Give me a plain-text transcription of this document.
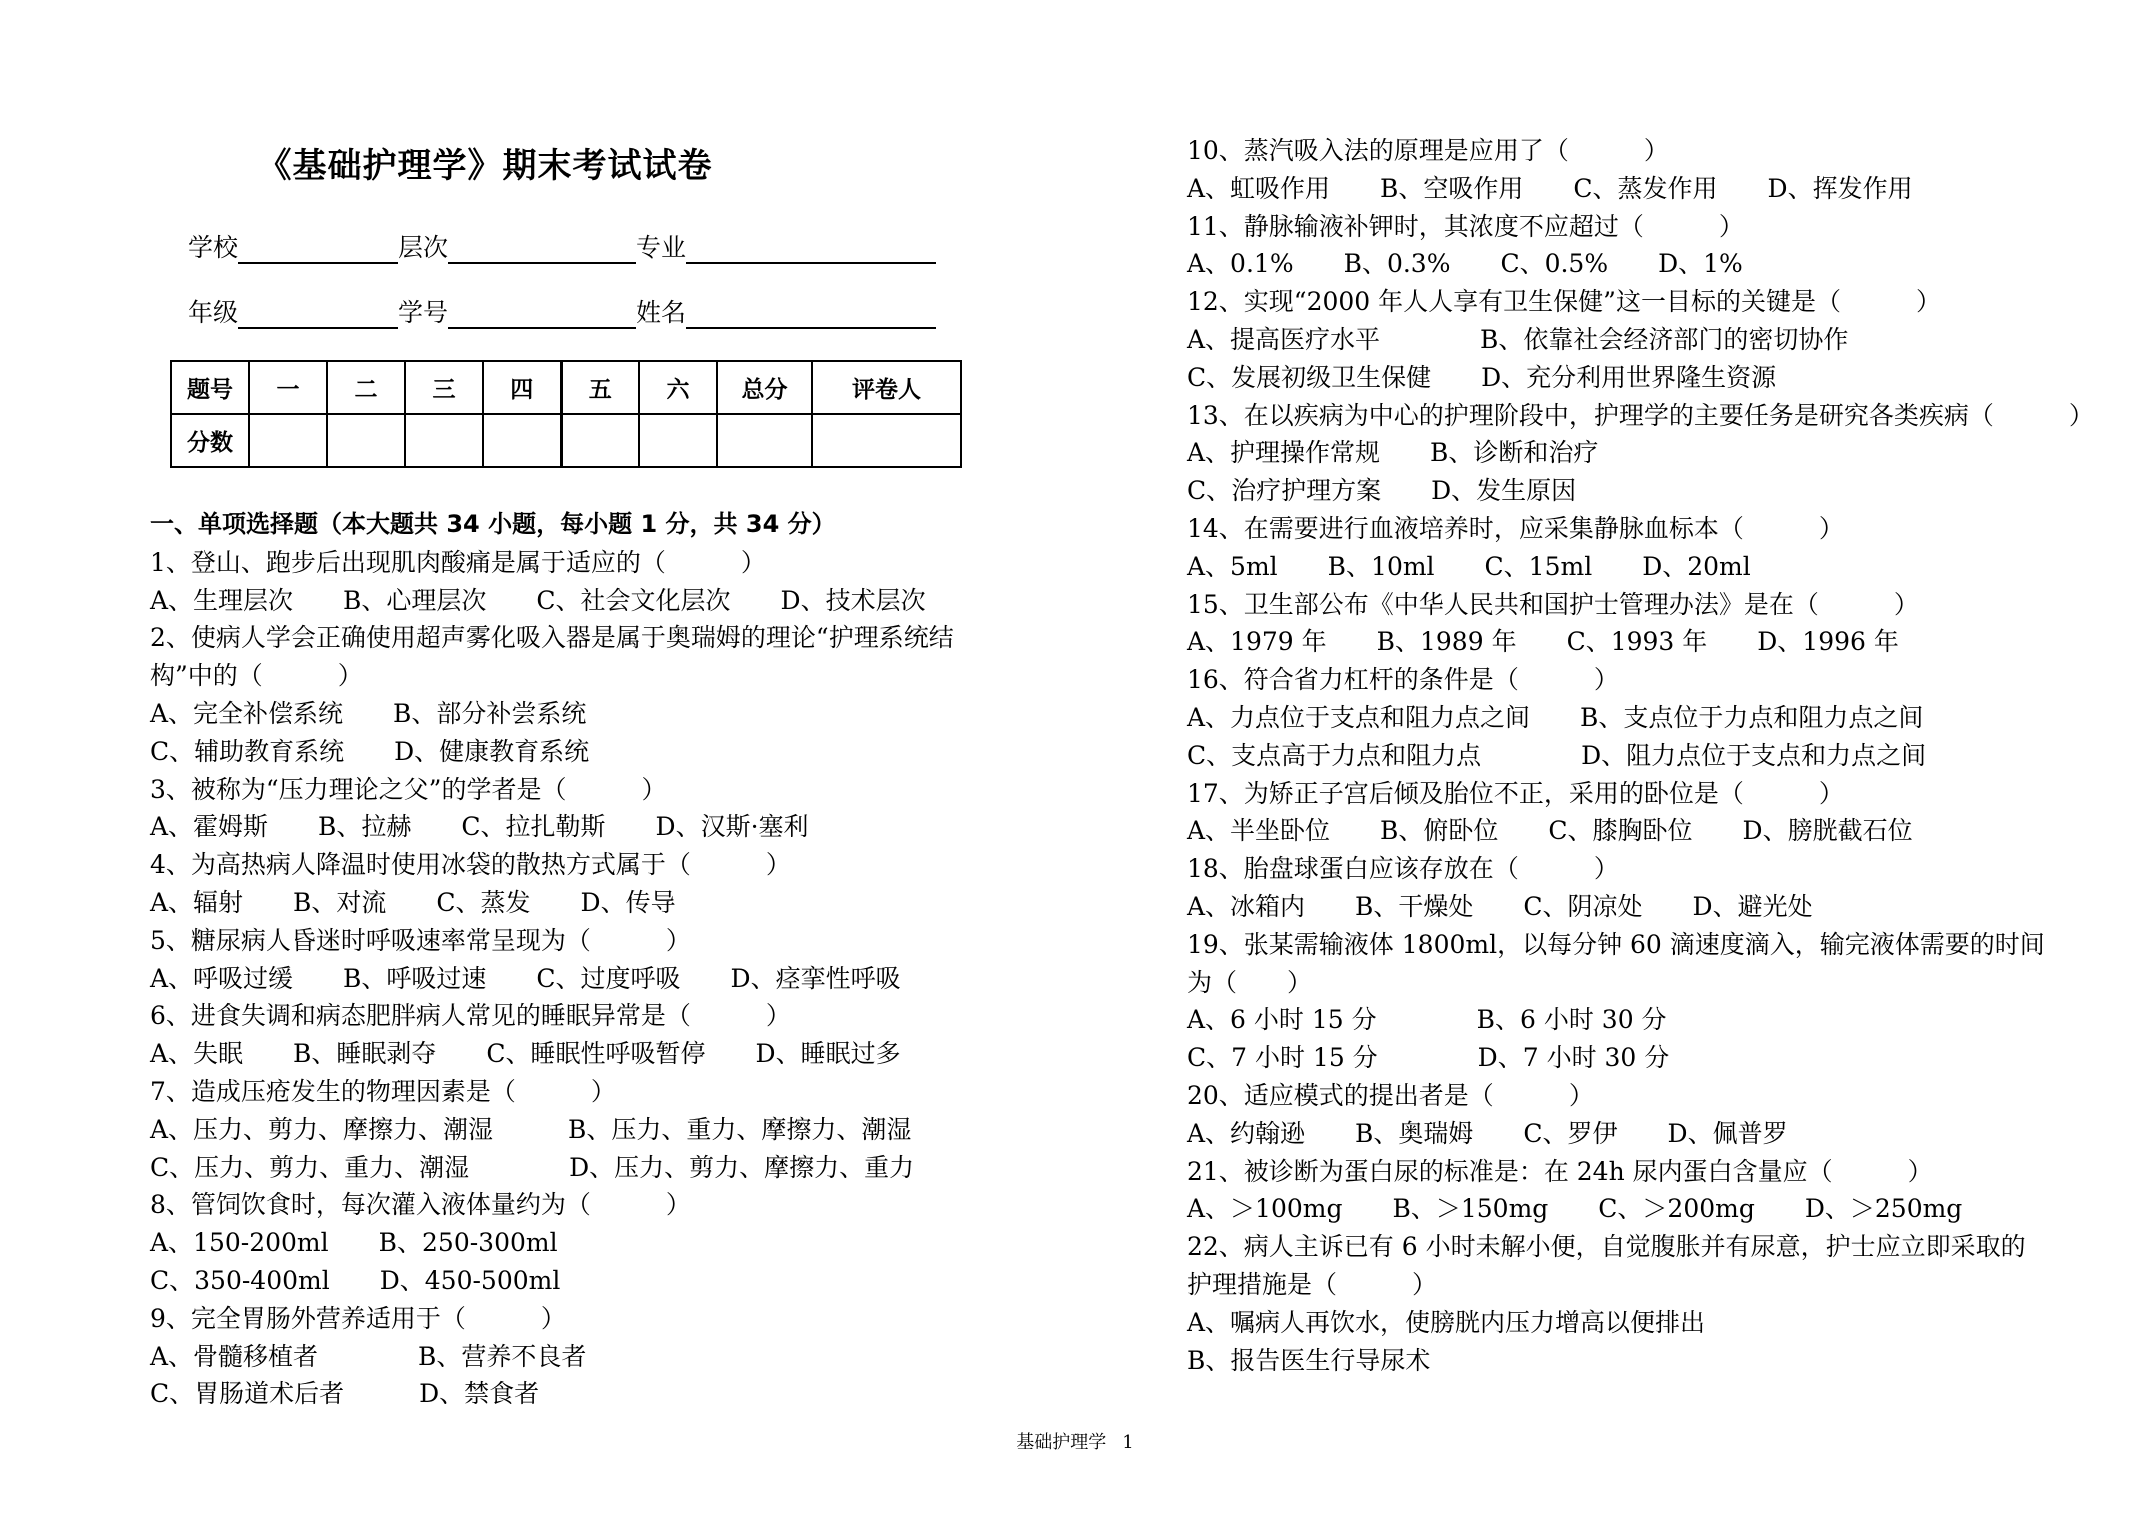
《基础护理学》期末考试试卷
学校	层次	专业
年级	学号	姓名
题号	一	二	三	四	五	六	总分	评卷人
分数								
一、单项选择题（本大题共 34 小题，每小题 1 分，共 34 分）
1、登山、跑步后出现肌肉酸痛是属于适应的（　　　）
A、生理层次　　B、心理层次　　C、社会文化层次　　D、技术层次
2、使病人学会正确使用超声雾化吸入器是属于奥瑞姆的理论“护理系统结
构”中的（　　　）
A、完全补偿系统　　B、部分补尝系统
C、辅助教育系统　　D、健康教育系统
3、被称为“压力理论之父”的学者是（　　　）
A、霍姆斯　　B、拉赫　　C、拉扎勒斯　　D、汉斯·塞利
4、为高热病人降温时使用冰袋的散热方式属于（　　　）
A、辐射　　B、对流　　C、蒸发　　D、传导
5、糖尿病人昏迷时呼吸速率常呈现为（　　　）
A、呼吸过缓　　B、呼吸过速　　C、过度呼吸　　D、痉挛性呼吸
6、进食失调和病态肥胖病人常见的睡眠异常是（　　　）
A、失眠　　B、睡眠剥夺　　C、睡眠性呼吸暂停　　D、睡眠过多
7、造成压疮发生的物理因素是（　　　）
A、压力、剪力、摩擦力、潮湿　　　B、压力、重力、摩擦力、潮湿
C、压力、剪力、重力、潮湿　　　　D、压力、剪力、摩擦力、重力
8、管饲饮食时，每次灌入液体量约为（　　　）
A、150-200ml　　B、250-300ml
C、350-400ml　　D、450-500ml
9、完全胃肠外营养适用于（　　　）
A、骨髓移植者　　　　B、营养不良者
C、胃肠道术后者　　　D、禁食者
10、蒸汽吸入法的原理是应用了（　　　）
A、虹吸作用　　B、空吸作用　　C、蒸发作用　　D、挥发作用
11、静脉输液补钾时，其浓度不应超过（　　　）
A、0.1%　　B、0.3%　　C、0.5%　　D、1%
12、实现“2000 年人人享有卫生保健”这一目标的关键是（　　　）
A、提高医疗水平　　　　B、依靠社会经济部门的密切协作
C、发展初级卫生保健　　D、充分利用世界隆生资源
13、在以疾病为中心的护理阶段中，护理学的主要任务是研究各类疾病（　　　）
A、护理操作常规　　B、诊断和治疗
C、治疗护理方案　　D、发生原因
14、在需要进行血液培养时，应采集静脉血标本（　　　）
A、5ml　　B、10ml　　C、15ml　　D、20ml
15、卫生部公布《中华人民共和国护士管理办法》是在（　　　）
A、1979 年　　B、1989 年　　C、1993 年　　D、1996 年
16、符合省力杠杆的条件是（　　　）
A、力点位于支点和阻力点之间　　B、支点位于力点和阻力点之间
C、支点高于力点和阻力点　　　　D、阻力点位于支点和力点之间
17、为矫正子宫后倾及胎位不正，采用的卧位是（　　　）
A、半坐卧位　　B、俯卧位　　C、膝胸卧位　　D、膀胱截石位
18、胎盘球蛋白应该存放在（　　　）
A、冰箱内　　B、干燥处　　C、阴凉处　　D、避光处
19、张某需输液体 1800ml，以每分钟 60 滴速度滴入，输完液体需要的时间
为（　　）
A、6 小时 15 分　　　　B、6 小时 30 分
C、7 小时 15 分　　　　D、7 小时 30 分
20、适应模式的提出者是（　　　）
A、约翰逊　　B、奥瑞姆　　C、罗伊　　D、佩普罗
21、被诊断为蛋白尿的标准是：在 24h 尿内蛋白含量应（　　　）
A、＞100mg　　B、＞150mg　　C、＞200mg　　D、＞250mg
22、病人主诉已有 6 小时未解小便，自觉腹胀并有尿意，护士应立即采取的
护理措施是（　　　）
A、嘱病人再饮水，使膀胱内压力增高以便排出
B、报告医生行导尿术
基础护理学 1
